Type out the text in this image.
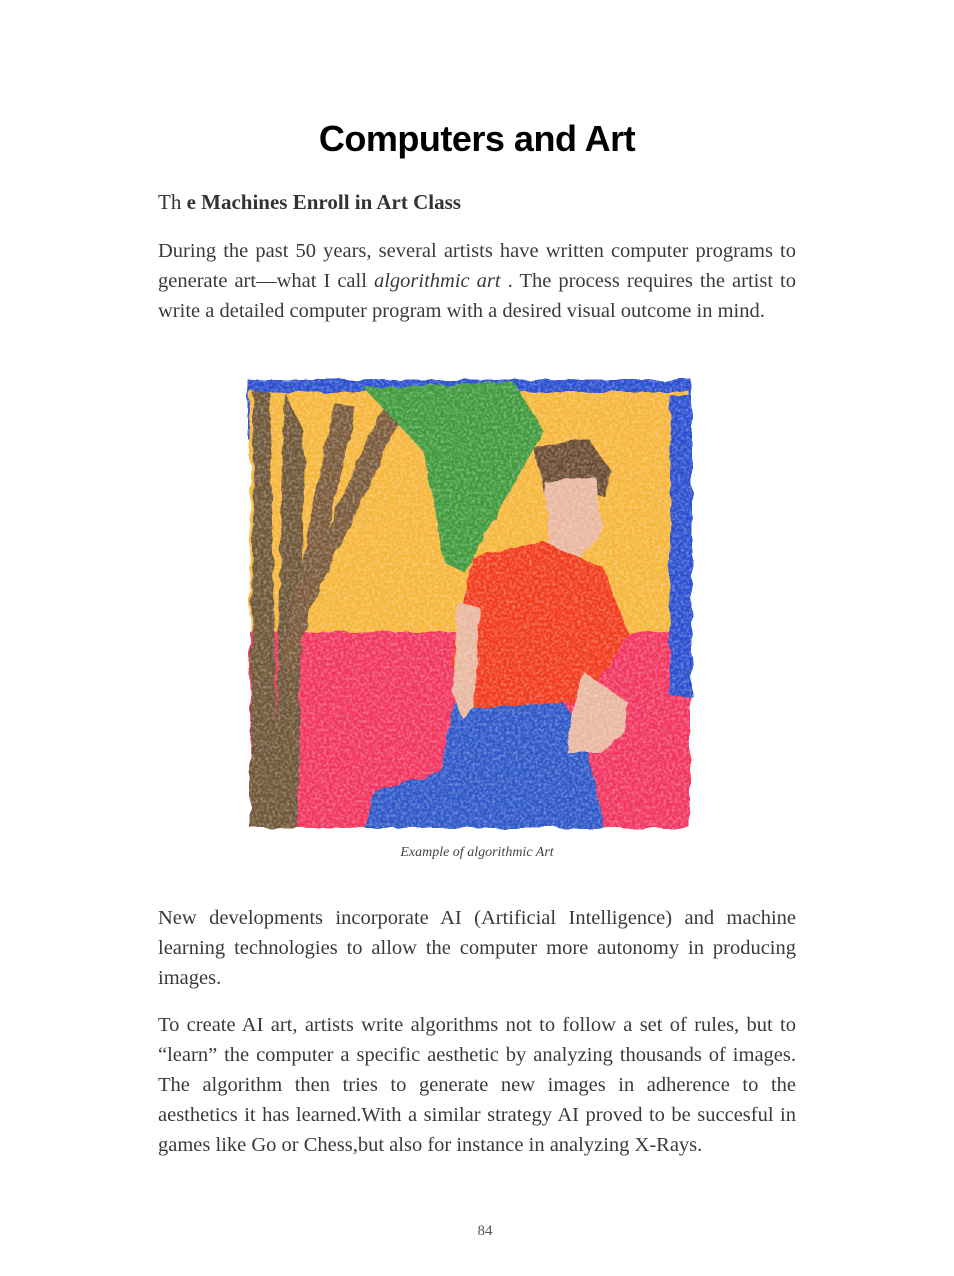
Computers and Art

Th e Machines Enroll in Art Class

During the past 50 years, several artists have written computer programs to generate art—what I call algorithmic art . The process requires the artist to write a detailed computer program with a desired visual outcome in mind.

Example of algorithmic Art

New developments incorporate AI (Artificial Intelligence) and machine learning technologies to allow the computer more autonomy in producing images.

To create AI art, artists write algorithms not to follow a set of rules, but to “learn” the computer a specific aesthetic by analyzing thousands of images. The algorithm then tries to generate new images in adherence to the aesthetics it has learned.With a similar strategy AI proved to be succesful in games like Go or Chess,but also for instance in analyzing X-Rays.

84
